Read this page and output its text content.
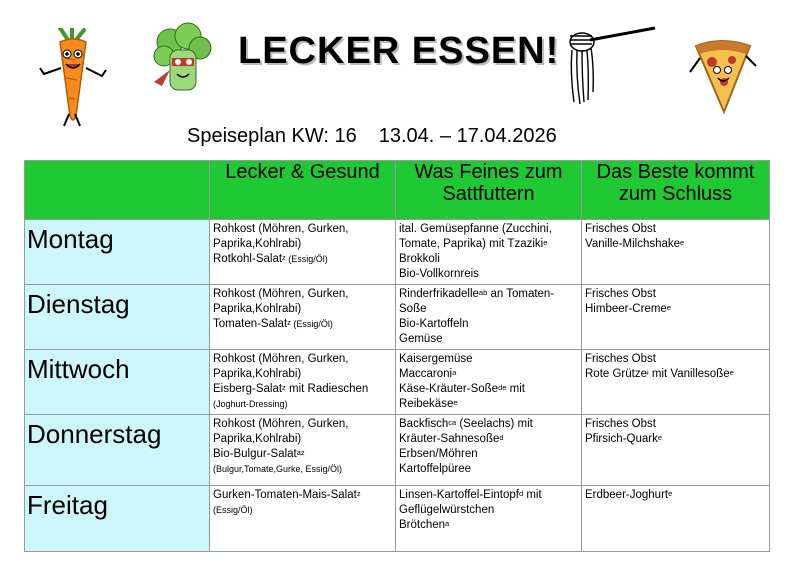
LECKER ESSEN!
Speiseplan KW: 16 13.04. – 17.04.2026
	Lecker & Gesund	Was Feines zum Sattfuttern	Das Beste kommt zum Schluss
Montag	Rohkost (Möhren, Gurken,
Paprika,Kohlrabi)
Rotkohl-Salat$^z$ (Essig/Öl)	ital. Gemüsepfanne (Zucchini,
Tomate, Paprika) mit Tzaziki$^e$
Brokkoli
Bio-Vollkornreis	Frisches Obst
Vanille-Milchshake$^e$

Dienstag	Rohkost (Möhren, Gurken,
Paprika,Kohlrabi)
Tomaten-Salat$^z$ (Essig/Öl)	Rinderfrikadelle$^{ab}$ an Tomaten-
Soße
Bio-Kartoffeln
Gemüse	Frisches Obst
Himbeer-Creme$^e$

Mittwoch	Rohkost (Möhren, Gurken,
Paprika,Kohlrabi)
Eisberg-Salat$^z$ mit Radieschen
(Joghurt-Dressing)	Kaisergemüse
Maccaroni$^a$
Käse-Kräuter-Soße$^{de}$ mit
Reibekäse$^e$	Frisches Obst
Rote Grütze$^i$ mit Vanillesoße$^e$

Donnerstag	Rohkost (Möhren, Gurken,
Paprika,Kohlrabi)
Bio-Bulgur-Salat$^{az}$
(Bulgur,Tomate,Gurke, Essig/Öl)	Backfisch$^{ca}$ (Seelachs) mit
Kräuter-Sahnesoße$^d$
Erbsen/Möhren
Kartoffelpüree	Frisches Obst
Pfirsich-Quark$^e$

Freitag	Gurken-Tomaten-Mais-Salat$^z$
(Essig/Öl)	Linsen-Kartoffel-Eintopf$^d$ mit
Geflügelwürstchen
Brötchen$^a$	Erdbeer-Joghurt$^e$
